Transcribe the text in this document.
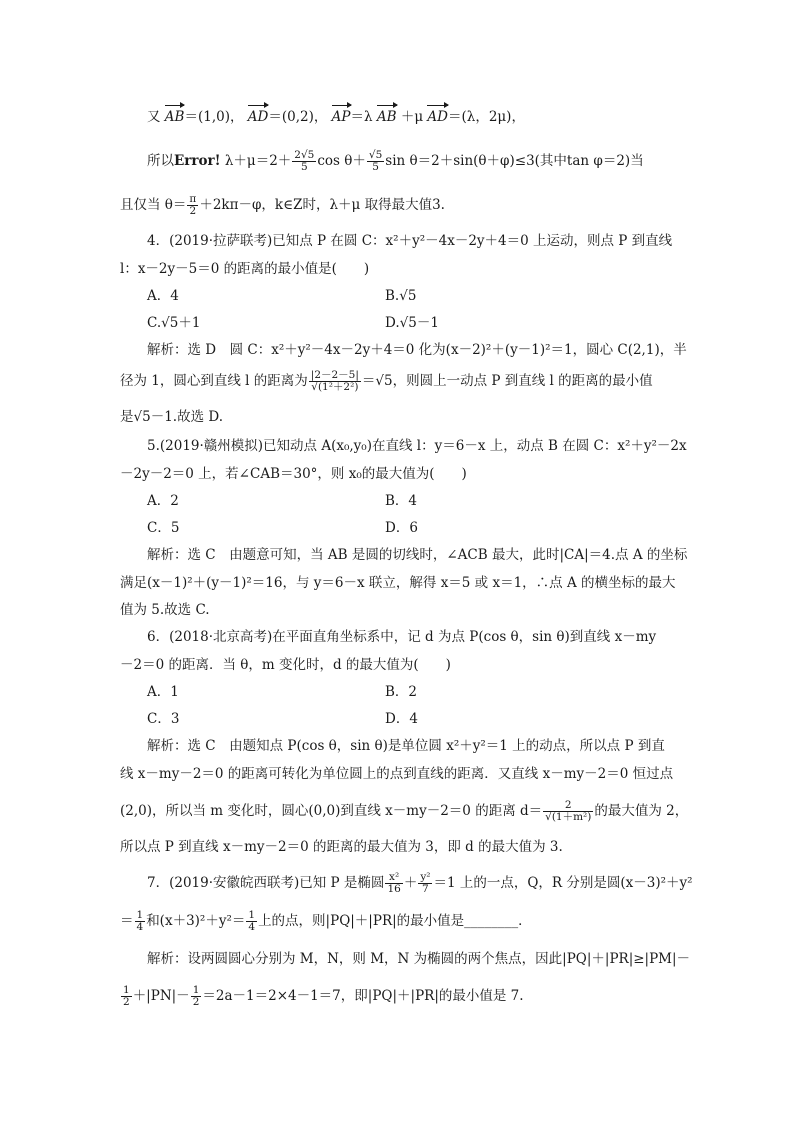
又 AB＝(1,0)， AD＝(0,2)， AP＝λ AB ＋μ AD＝(λ，2μ)，
所以Error! $\lambda+\mu=2+ \frac{2√5}{5}$ $\cos \theta+ \frac{√5}{5}$ sin θ＝2＋sin(θ＋φ)≤3(其中tan φ＝2)当
且仅当 $\theta= \frac{\pi}{2} +2k\pi-\varphi$，k∈Z时，λ＋μ 取得最大值3.
4．(2019·拉萨联考)已知点 P 在圆 C：x²＋y²－4x－2y＋4＝0 上运动，则点 P 到直线
l：x－2y－5＝0 的距离的最小值是(　　)
A．4	B.√5
C.√5＋1	D.√5－1
解析：选 D　圆 C：x²＋y²－4x－2y＋4＝0 化为(x－2)²＋(y－1)²＝1，圆心 C(2,1)，半
径为 1，圆心到直线 l 的距离为 $\frac{|2-2-5|}{\text{√(1²＋2²)}} =√5$，则圆上一动点 P 到直线 l 的距离的最小值
是√5－1.故选 D.
5.(2019·赣州模拟)已知动点 A(x₀,y₀)在直线 l：y＝6－x 上，动点 B 在圆 C：x²＋y²－2x
－2y－2＝0 上，若∠CAB＝30°，则 x₀的最大值为(　　)
A．2	B．4
C．5	D．6
解析：选 C　由题意可知，当 AB 是圆的切线时，∠ACB 最大，此时|CA|＝4.点 A 的坐标
满足(x－1)²＋(y－1)²＝16，与 y＝6－x 联立，解得 x＝5 或 x＝1，∴点 A 的横坐标的最大
值为 5.故选 C.
6．(2018·北京高考)在平面直角坐标系中，记 d 为点 P(cos θ，sin θ)到直线 x－my
－2＝0 的距离．当 θ，m 变化时，d 的最大值为(　　)
A．1	B．2
C．3	D．4
解析：选 C　由题知点 P(cos θ，sin θ)是单位圆 x²＋y²＝1 上的动点，所以点 P 到直
线 x－my－2＝0 的距离可转化为单位圆上的点到直线的距离．又直线 x－my－2＝0 恒过点
(2,0)，所以当 m 变化时，圆心(0,0)到直线 x－my－2＝0 的距离 $d= \frac{2}{\text{√(1＋m²)}}$ 的最大值为 2，
所以点 P 到直线 x－my－2＝0 的距离的最大值为 3，即 d 的最大值为 3.
7．(2019·安徽皖西联考)已知 P 是椭圆 $\frac{\text{x²}}{16} + \frac{\text{y²}}{7} =1$ 上的一点，Q，R 分别是圆(x－3)²＋y²
＝ $\frac{1}{4}$ 和$(x+3)^2+y^2= \frac{1}{4}$ 上的点，则|PQ|＋|PR|的最小值是________．
解析：设两圆圆心分别为 M，N，则 M，N 为椭圆的两个焦点，因此|PQ|＋|PR|≥|PM|－
$\frac{1}{2} +|PN|- \frac{1}{2} =2a-1=2\times 4-1=7$，即|PQ|＋|PR|的最小值是 7.
